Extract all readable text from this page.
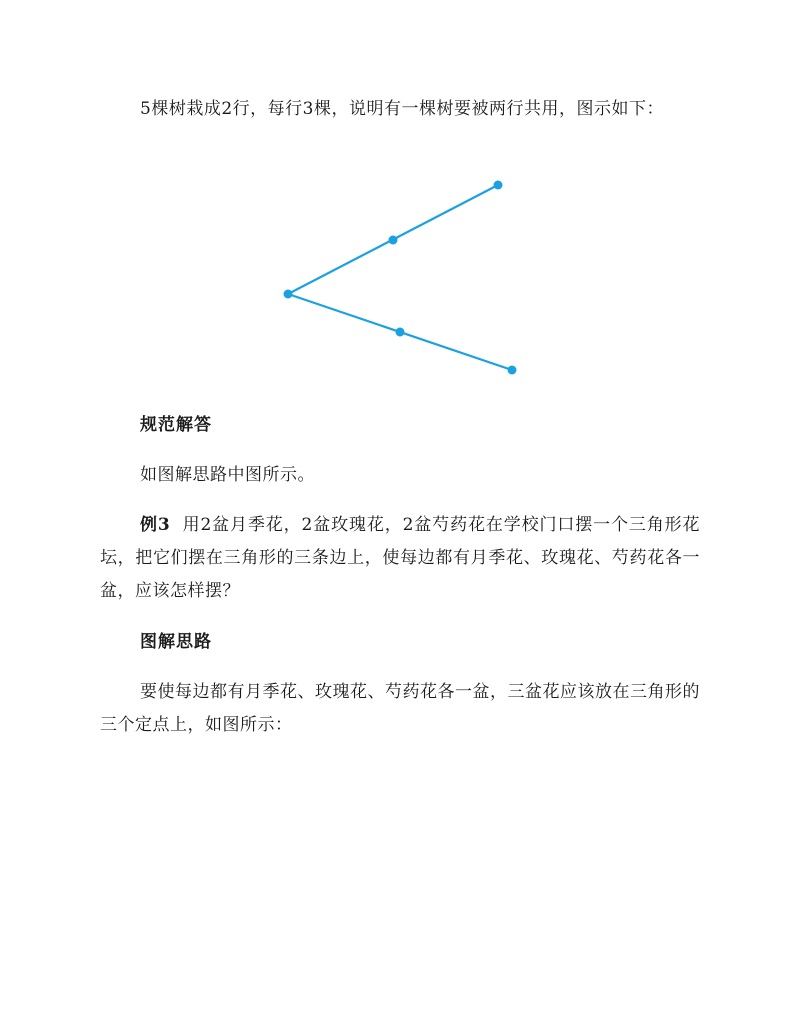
5棵树栽成2行，每行3棵，说明有一棵树要被两行共用，图示如下：

规范解答

如图解思路中图所示。

例3 用2盆月季花，2盆玫瑰花，2盆芍药花在学校门口摆一个三角形花坛，把它们摆在三角形的三条边上，使每边都有月季花、玫瑰花、芍药花各一盆，应该怎样摆？

图解思路

要使每边都有月季花、玫瑰花、芍药花各一盆，三盆花应该放在三角形的三个定点上，如图所示：
